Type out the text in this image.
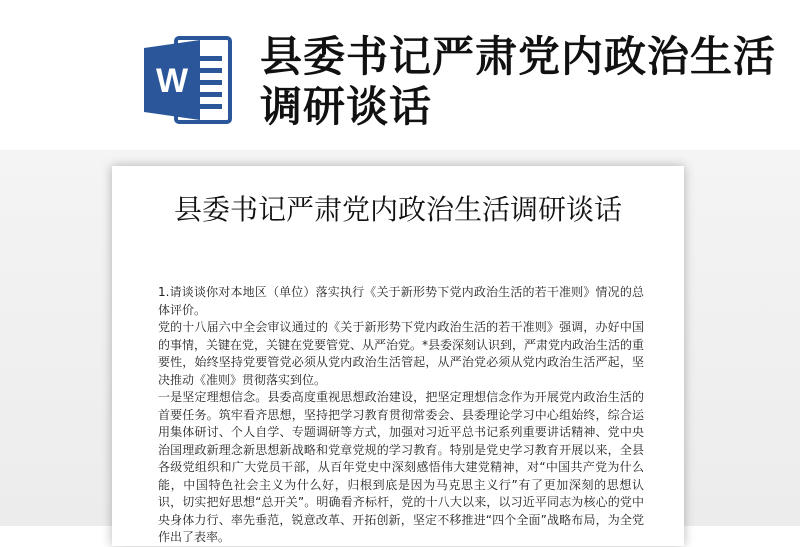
W 县委书记严肃党内政治生活调研谈话
县委书记严肃党内政治生活调研谈话

1.请谈谈你对本地区（单位）落实执行《关于新形势下党内政治生活的若干准则》情况的总体评价。

党的十八届六中全会审议通过的《关于新形势下党内政治生活的若干准则》强调，办好中国的事情，关键在党，关键在党要管党、从严治党。*县委深刻认识到，严肃党内政治生活的重要性，始终坚持党要管党必须从党内政治生活管起，从严治党必须从党内政治生活严起，坚决推动《准则》贯彻落实到位。

一是坚定理想信念。县委高度重视思想政治建设，把坚定理想信念作为开展党内政治生活的首要任务。筑牢看齐思想，坚持把学习教育贯彻常委会、县委理论学习中心组始终，综合运用集体研讨、个人自学、专题调研等方式，加强对习近平总书记系列重要讲话精神、党中央治国理政新理念新思想新战略和党章党规的学习教育。特别是党史学习教育开展以来，全县各级党组织和广大党员干部，从百年党史中深刻感悟伟大建党精神，对“中国共产党为什么能，中国特色社会主义为什么好，归根到底是因为马克思主义行”有了更加深刻的思想认识，切实把好思想“总开关”。明确看齐标杆，党的十八大以来，以习近平同志为核心的党中央身体力行、率先垂范，锐意改革、开拓创新，坚定不移推进“四个全面”战略布局，为全党作出了表率。
